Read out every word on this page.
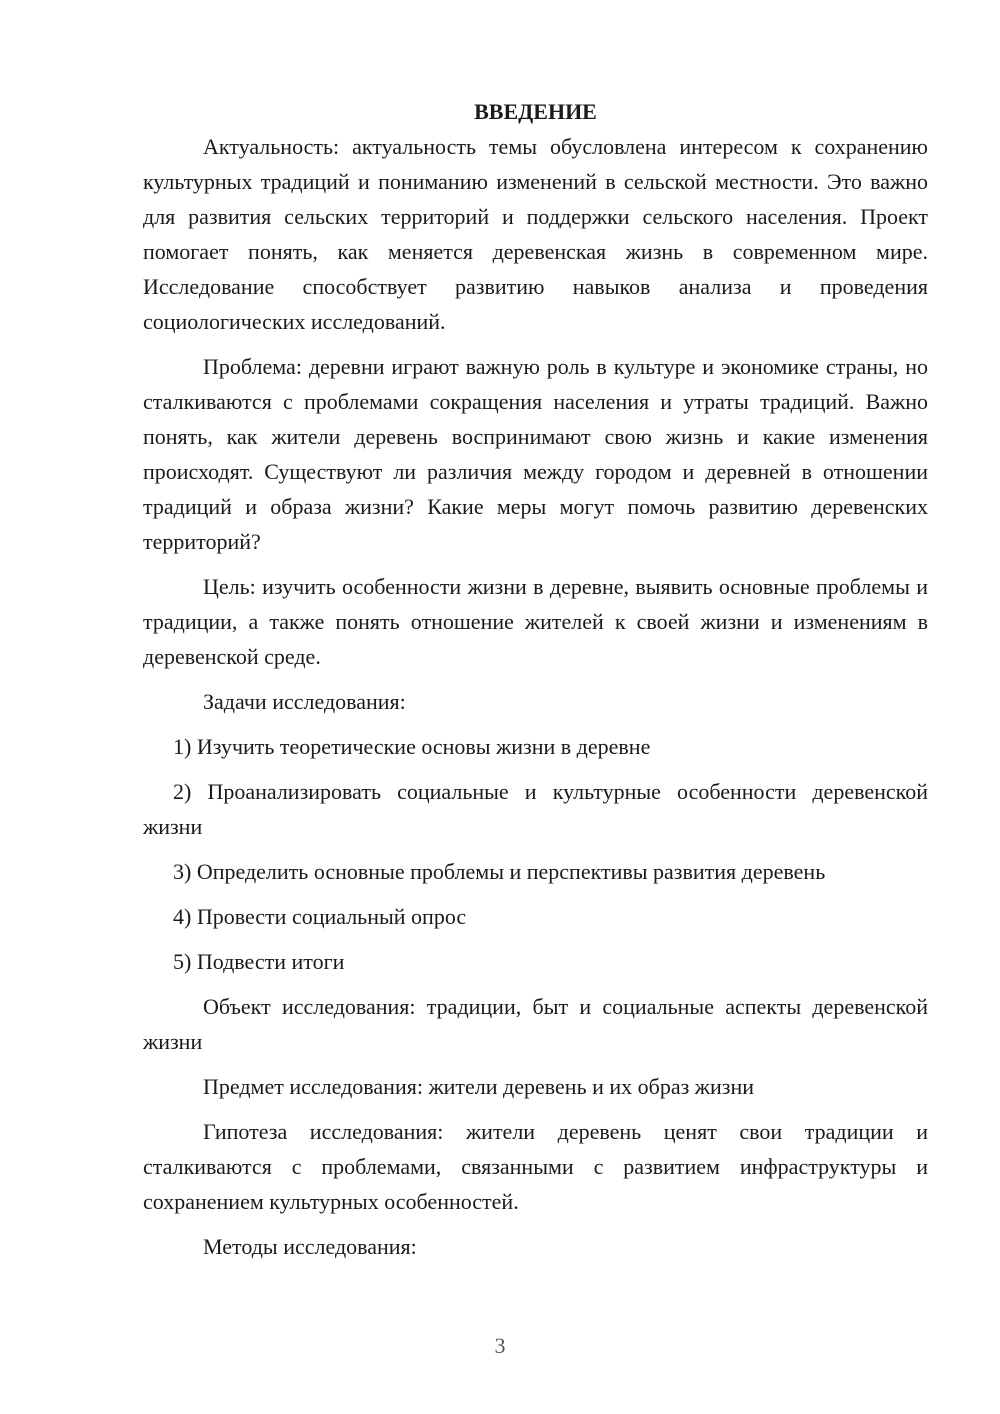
ВВЕДЕНИЕ

Актуальность: актуальность темы обусловлена интересом к сохранению культурных традиций и пониманию изменений в сельской местности. Это важно для развития сельских территорий и поддержки сельского населения. Проект помогает понять, как меняется деревенская жизнь в современном мире. Исследование способствует развитию навыков анализа и проведения социологических исследований.

Проблема: деревни играют важную роль в культуре и экономике страны, но сталкиваются с проблемами сокращения населения и утраты традиций. Важно понять, как жители деревень воспринимают свою жизнь и какие изменения происходят. Существуют ли различия между городом и деревней в отношении традиций и образа жизни? Какие меры могут помочь развитию деревенских территорий?

Цель: изучить особенности жизни в деревне, выявить основные проблемы и традиции, а также понять отношение жителей к своей жизни и изменениям в деревенской среде.

Задачи исследования:

1) Изучить теоретические основы жизни в деревне

2) Проанализировать социальные и культурные особенности деревенской жизни

3) Определить основные проблемы и перспективы развития деревень

4) Провести социальный опрос

5) Подвести итоги

Объект исследования: традиции, быт и социальные аспекты деревенской жизни

Предмет исследования: жители деревень и их образ жизни

Гипотеза исследования: жители деревень ценят свои традиции и сталкиваются с проблемами, связанными с развитием инфраструктуры и сохранением культурных особенностей.

Методы исследования:

3
